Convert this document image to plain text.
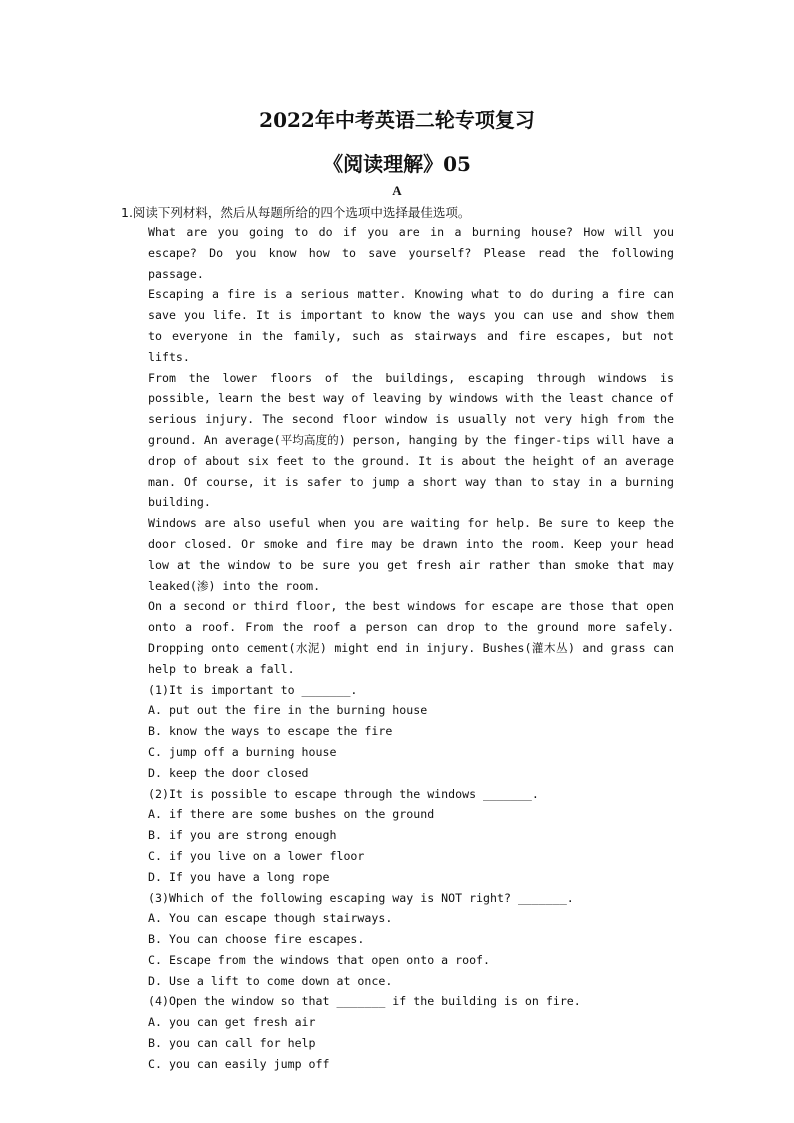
2022年中考英语二轮专项复习
《阅读理解》05
A
1.阅读下列材料，然后从每题所给的四个选项中选择最佳选项。

What are you going to do if you are in a burning house? How will you escape? Do you know how to save yourself? Please read the following passage.

Escaping a fire is a serious matter. Knowing what to do during a fire can save you life. It is important to know the ways you can use and show them to everyone in the family, such as stairways and fire escapes, but not lifts.

From the lower floors of the buildings, escaping through windows is possible, learn the best way of leaving by windows with the least chance of serious injury. The second floor window is usually not very high from the ground. An average(平均高度的) person, hanging by the finger-tips will have a drop of about six feet to the ground. It is about the height of an average man. Of course, it is safer to jump a short way than to stay in a burning building.

Windows are also useful when you are waiting for help. Be sure to keep the door closed. Or smoke and fire may be drawn into the room. Keep your head low at the window to be sure you get fresh air rather than smoke that may leaked(渗) into the room.

On a second or third floor, the best windows for escape are those that open onto a roof. From the roof a person can drop to the ground more safely. Dropping onto cement(水泥) might end in injury. Bushes(灌木丛) and grass can help to break a fall.

(1)It is important to _______.

A. put out the fire in the burning house

B. know the ways to escape the fire

C. jump off a burning house

D. keep the door closed

(2)It is possible to escape through the windows _______.

A. if there are some bushes on the ground

B. if you are strong enough

C. if you live on a lower floor

D. If you have a long rope

(3)Which of the following escaping way is NOT right? _______.

A. You can escape though stairways.

B. You can choose fire escapes.

C. Escape from the windows that open onto a roof.

D. Use a lift to come down at once.

(4)Open the window so that _______ if the building is on fire.

A. you can get fresh air

B. you can call for help

C. you can easily jump off
